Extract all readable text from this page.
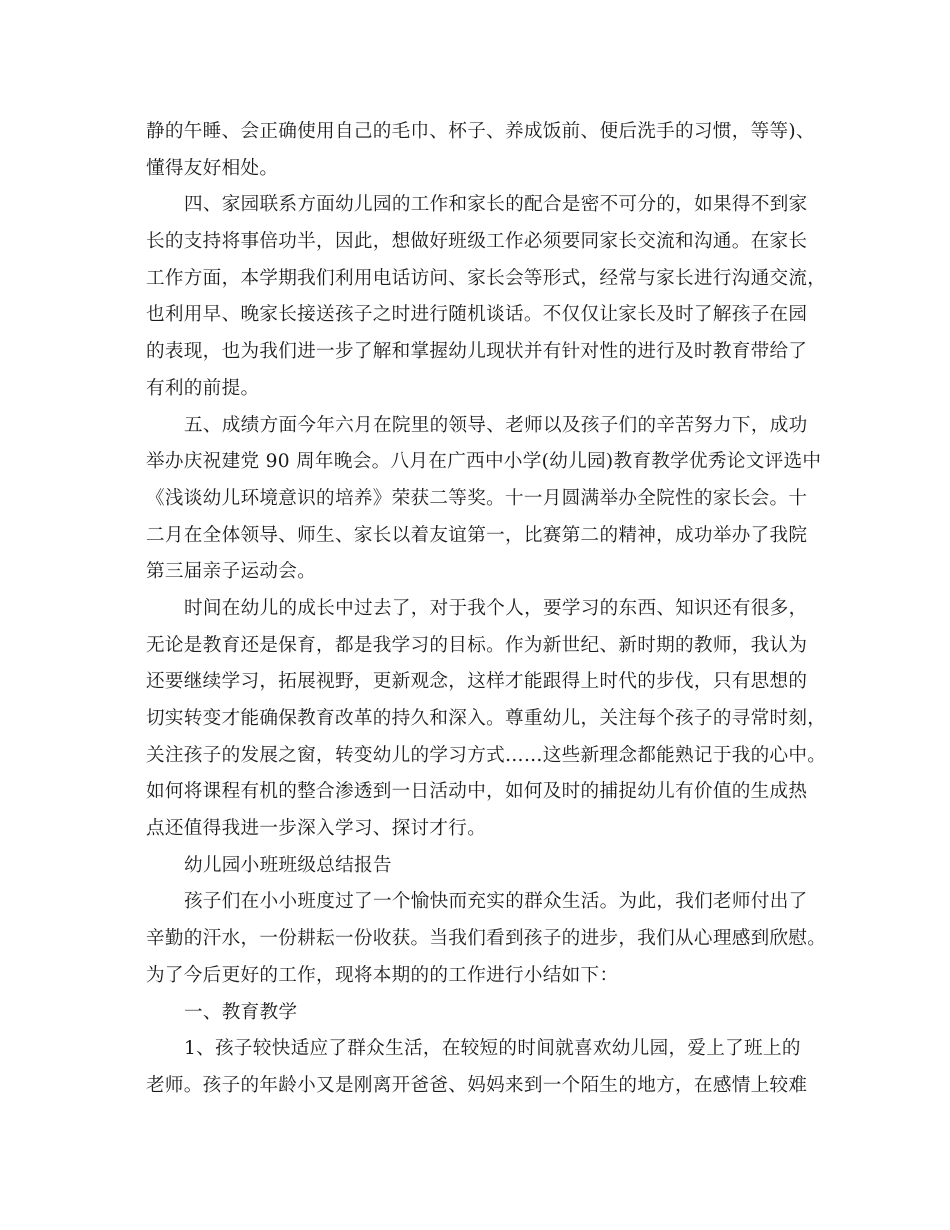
静的午睡、会正确使用自己的毛巾、杯子、养成饭前、便后洗手的习惯，等等)、
懂得友好相处。
四、家园联系方面幼儿园的工作和家长的配合是密不可分的，如果得不到家
长的支持将事倍功半，因此，想做好班级工作必须要同家长交流和沟通。在家长
工作方面，本学期我们利用电话访问、家长会等形式，经常与家长进行沟通交流，
也利用早、晚家长接送孩子之时进行随机谈话。不仅仅让家长及时了解孩子在园
的表现，也为我们进一步了解和掌握幼儿现状并有针对性的进行及时教育带给了
有利的前提。
五、成绩方面今年六月在院里的领导、老师以及孩子们的辛苦努力下，成功
举办庆祝建党 90 周年晚会。八月在广西中小学(幼儿园)教育教学优秀论文评选中
《浅谈幼儿环境意识的培养》荣获二等奖。十一月圆满举办全院性的家长会。十
二月在全体领导、师生、家长以着友谊第一，比赛第二的精神，成功举办了我院
第三届亲子运动会。
时间在幼儿的成长中过去了，对于我个人，要学习的东西、知识还有很多，
无论是教育还是保育，都是我学习的目标。作为新世纪、新时期的教师，我认为
还要继续学习，拓展视野，更新观念，这样才能跟得上时代的步伐，只有思想的
切实转变才能确保教育改革的持久和深入。尊重幼儿，关注每个孩子的寻常时刻，
关注孩子的发展之窗，转变幼儿的学习方式……这些新理念都能熟记于我的心中。
如何将课程有机的整合渗透到一日活动中，如何及时的捕捉幼儿有价值的生成热
点还值得我进一步深入学习、探讨才行。
幼儿园小班班级总结报告
孩子们在小小班度过了一个愉快而充实的群众生活。为此，我们老师付出了
辛勤的汗水，一份耕耘一份收获。当我们看到孩子的进步，我们从心理感到欣慰。
为了今后更好的工作，现将本期的的工作进行小结如下：
一、教育教学
1、孩子较快适应了群众生活，在较短的时间就喜欢幼儿园，爱上了班上的
老师。孩子的年龄小又是刚离开爸爸、妈妈来到一个陌生的地方，在感情上较难
